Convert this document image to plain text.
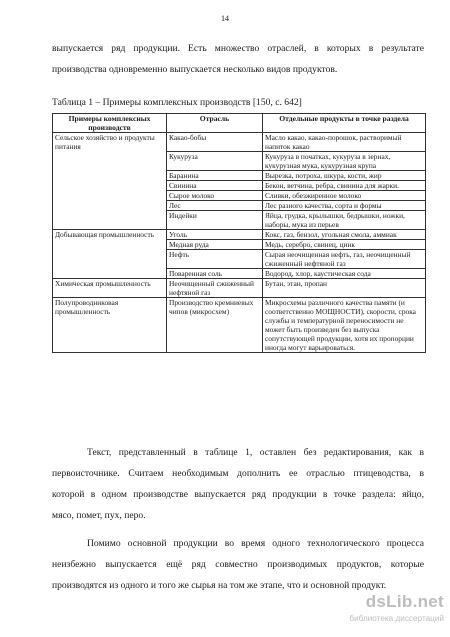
14

выпускается ряд продукции. Есть множество отраслей, в которых в результате
производства одновременно выпускается несколько видов продуктов.

Таблица 1 – Примеры комплексных производств [150, с. 642]

Примеры комплексных производств	Отрасль	Отдельные продукты в точке раздела
Сельское хозяйство и продукты питания	Какао-бобы	Масло какао, какао-порошок, растворимый напиток какао
	Кукуруза	Кукуруза в початках, кукуруза в зернах, кукурузная мука, кукурузная крупа
	Баранина	Вырезка, потроха, шкура, кости, жир
	Свинина	Бекон, ветчина, ребра, свинина для жарки.
	Сырое молоко	Сливки, обезжиренное молоко
	Лес	Лес разного качества, сорта и формы
	Индейки	Яйца, грудка, крылышки, бедрышки, ножки, наборы, мука из перьев
Добывающая промышленность	Уголь	Кокс, газ, бензол, угольная смола, аммиак
	Медная руда	Медь, серебро, свинец, цинк
	Нефть	Сырая неочищенная нефть, газ, неочищенный сжиженный нефтяной газ
	Поваренная соль	Водород, хлор, каустическая сода
Химическая промышленность	Неочищенный сжиженный нефтяной газ	Бутан, этан, пропан
Полупроводниковая промышленность	Производство кремниевых чипов (микросхем)	Микросхемы различного качества памяти (и соответственно МОЩНОСТИ), скорости, срока службы и температурной переносимости не может быть произведен без выпуска сопутствующей продукции, хотя их пропорции иногда могут варьироваться.

Текст, представленный в таблице 1, оставлен без редактирования, как в
первоисточнике. Считаем необходимым дополнить ее отраслью птицеводства, в
которой в одном производстве выпускается ряд продукции в точке раздела: яйцо,
мясо, помет, пух, перо.

Помимо основной продукции во время одного технологического процесса
неизбежно выпускается ещё ряд совместно производимых продуктов, которые
производятся из одного и того же сырья на том же этапе, что и основной продукт.

dsLib.net
библиотека диссертаций
